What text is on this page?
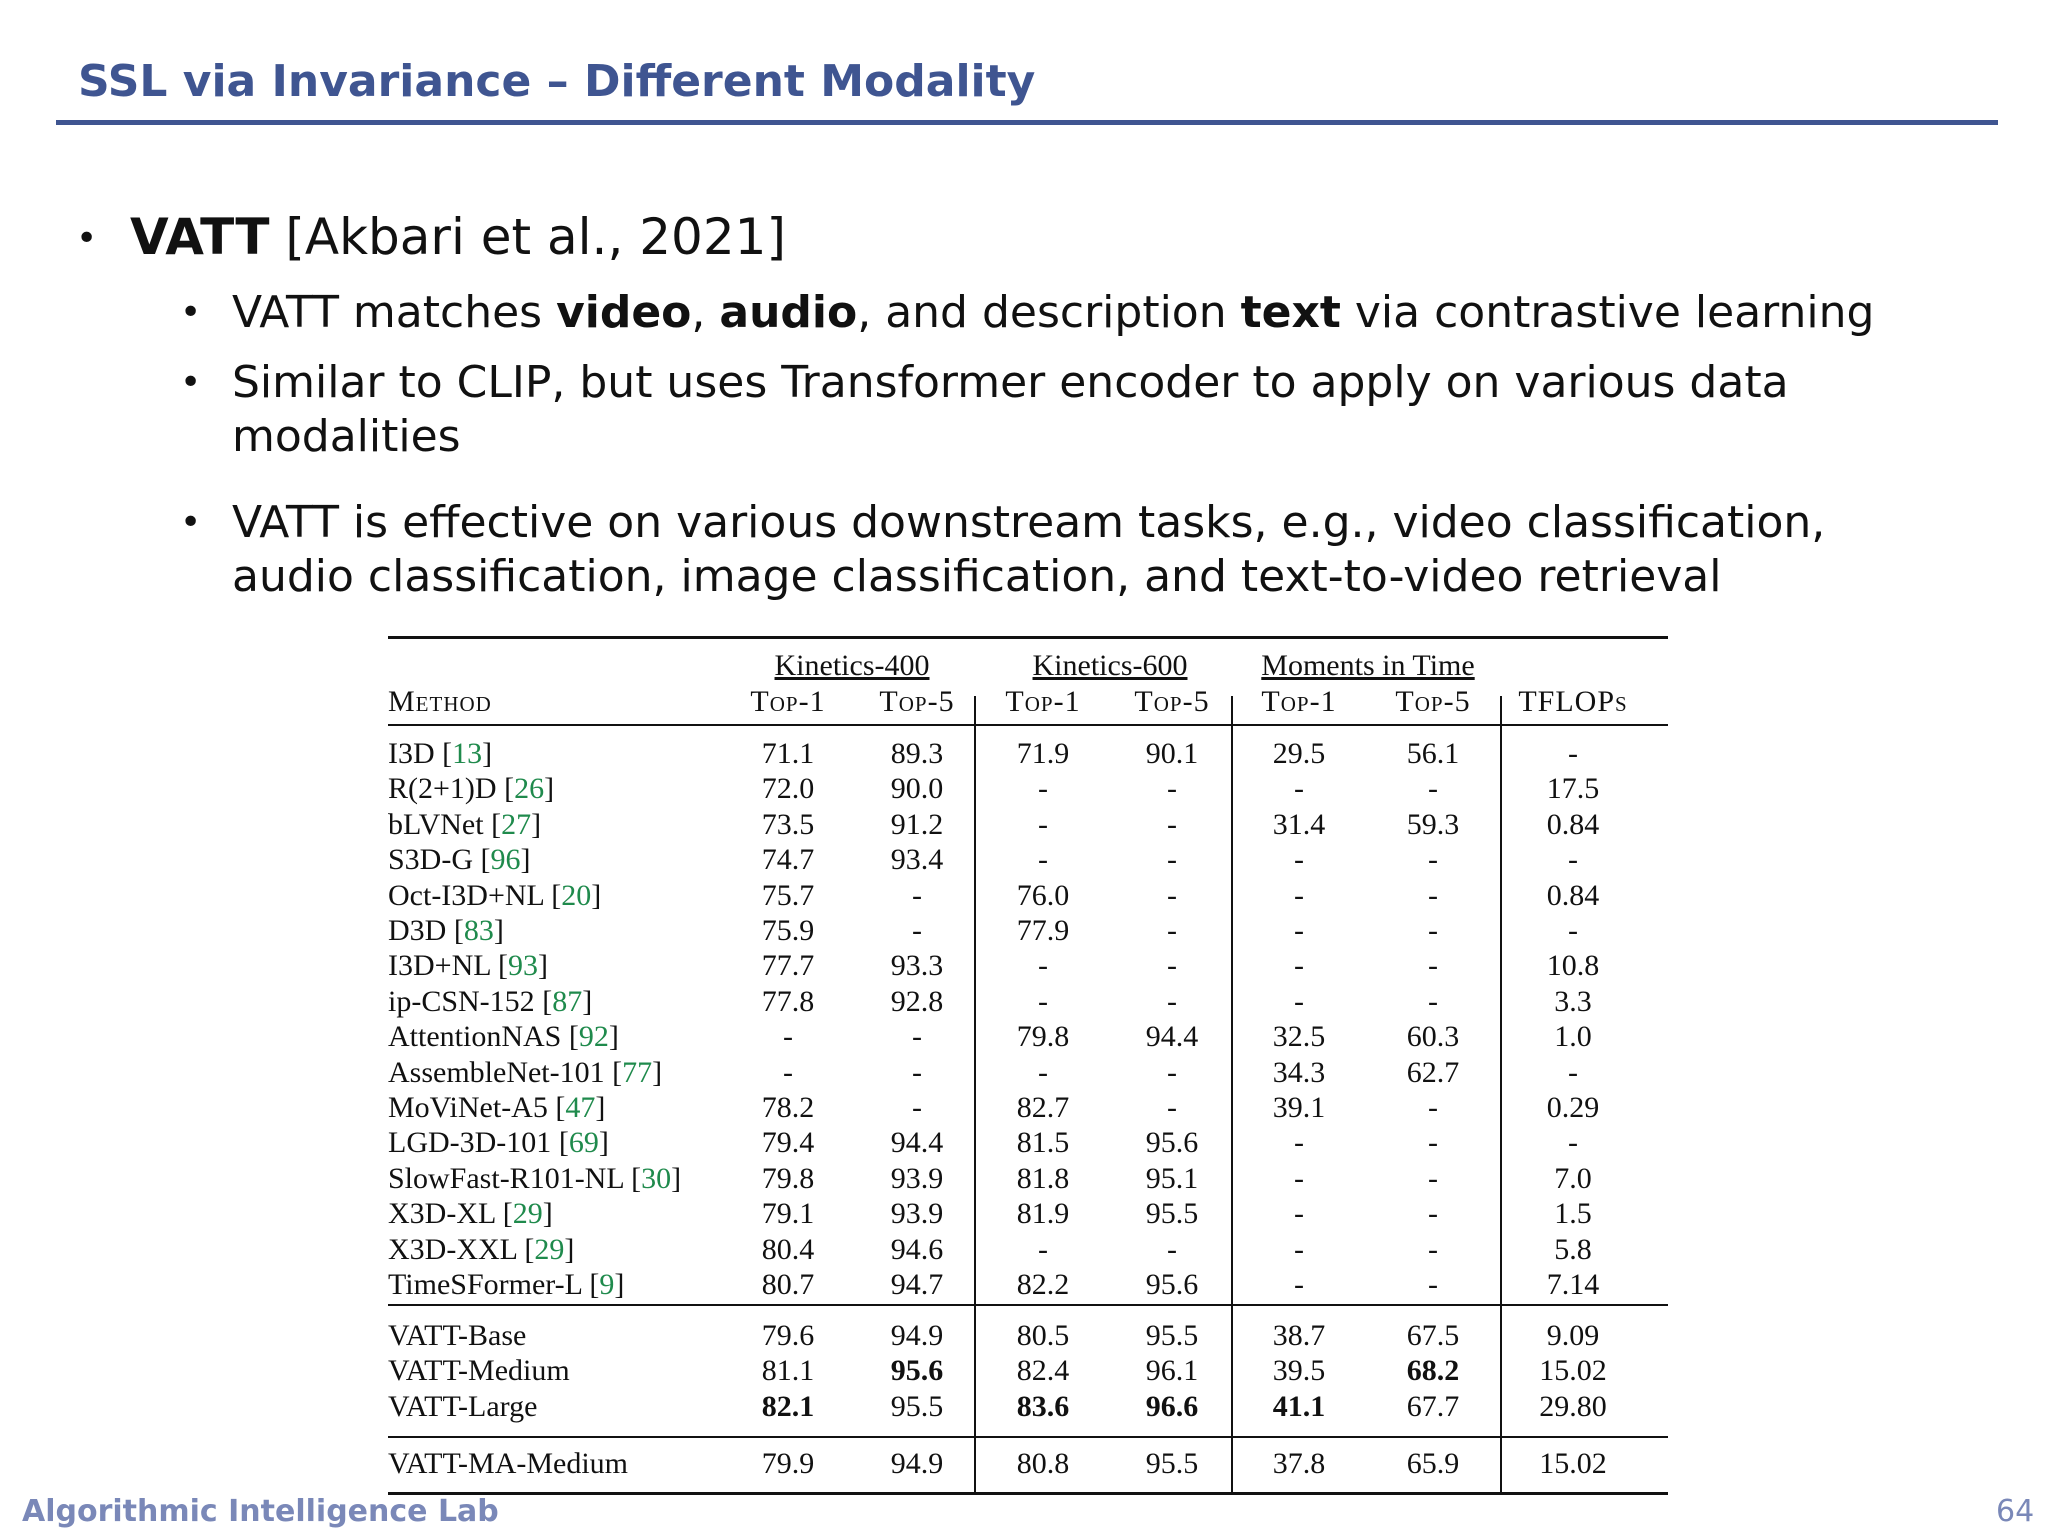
SSL via Invariance – Different Modality
• VATT [Akbari et al., 2021]
• VATT matches video, audio, and description text via contrastive learning
• Similar to CLIP, but uses Transformer encoder to apply on various data modalities
• VATT is effective on various downstream tasks, e.g., video classification, audio classification, image classification, and text-to-video retrieval
Kinetics-400	Kinetics-600	Moments in Time
Method	Top-1	Top-5	Top-1	Top-5	Top-1	Top-5	TFLOPs
I3D [13]	71.1	89.3	71.9	90.1	29.5	56.1	-
R(2+1)D [26]	72.0	90.0	-	-	-	-	17.5
bLVNet [27]	73.5	91.2	-	-	31.4	59.3	0.84
S3D-G [96]	74.7	93.4	-	-	-	-	-
Oct-I3D+NL [20]	75.7	-	76.0	-	-	-	0.84
D3D [83]	75.9	-	77.9	-	-	-	-
I3D+NL [93]	77.7	93.3	-	-	-	-	10.8
ip-CSN-152 [87]	77.8	92.8	-	-	-	-	3.3
AttentionNAS [92]	-	-	79.8	94.4	32.5	60.3	1.0
AssembleNet-101 [77]	-	-	-	-	34.3	62.7	-
MoViNet-A5 [47]	78.2	-	82.7	-	39.1	-	0.29
LGD-3D-101 [69]	79.4	94.4	81.5	95.6	-	-	-
SlowFast-R101-NL [30]	79.8	93.9	81.8	95.1	-	-	7.0
X3D-XL [29]	79.1	93.9	81.9	95.5	-	-	1.5
X3D-XXL [29]	80.4	94.6	-	-	-	-	5.8
TimeSFormer-L [9]	80.7	94.7	82.2	95.6	-	-	7.14
VATT-Base	79.6	94.9	80.5	95.5	38.7	67.5	9.09
VATT-Medium	81.1	95.6	82.4	96.1	39.5	68.2	15.02
VATT-Large	82.1	95.5	83.6	96.6	41.1	67.7	29.80
VATT-MA-Medium	79.9	94.9	80.8	95.5	37.8	65.9	15.02
Algorithmic Intelligence Lab	64
